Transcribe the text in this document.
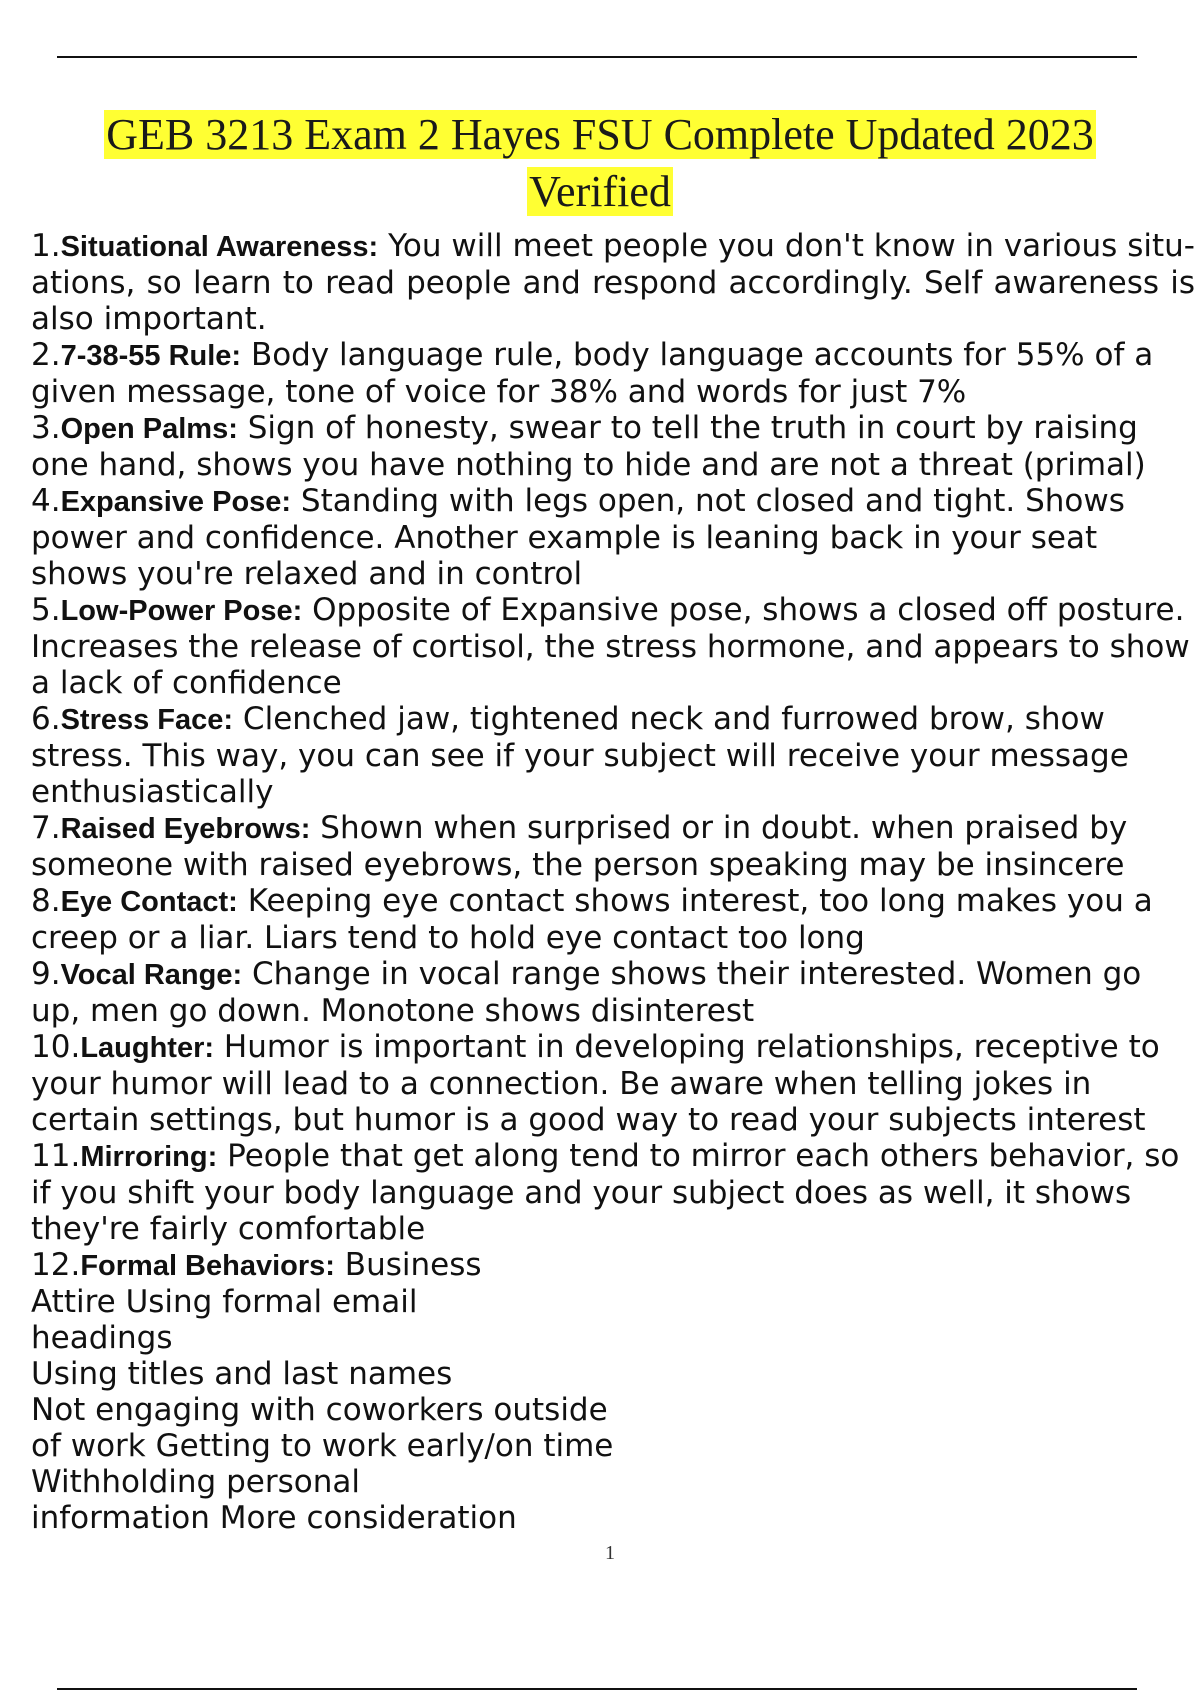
GEB 3213 Exam 2 Hayes FSU Complete Updated 2023
Verified

1.Situational Awareness: You will meet people you don't know in various situ- ations, so learn to read people and respond accordingly. Self awareness is also important.

2.7-38-55 Rule: Body language rule, body language accounts for 55% of a given message, tone of voice for 38% and words for just 7%

3.Open Palms: Sign of honesty, swear to tell the truth in court by raising one hand, shows you have nothing to hide and are not a threat (primal)

4.Expansive Pose: Standing with legs open, not closed and tight. Shows power and confidence. Another example is leaning back in your seat shows you're relaxed and in control

5.Low-Power Pose: Opposite of Expansive pose, shows a closed off posture. Increases the release of cortisol, the stress hormone, and appears to show a lack of confidence

6.Stress Face: Clenched jaw, tightened neck and furrowed brow, show stress. This way, you can see if your subject will receive your message enthusiastically

7.Raised Eyebrows: Shown when surprised or in doubt. when praised by someone with raised eyebrows, the person speaking may be insincere

8.Eye Contact: Keeping eye contact shows interest, too long makes you a creep or a liar. Liars tend to hold eye contact too long

9.Vocal Range: Change in vocal range shows their interested. Women go up, men go down. Monotone shows disinterest

10.Laughter: Humor is important in developing relationships, receptive to your humor will lead to a connection. Be aware when telling jokes in certain settings, but humor is a good way to read your subjects interest

11.Mirroring: People that get along tend to mirror each others behavior, so if you shift your body language and your subject does as well, it shows they're fairly comfortable

12.Formal Behaviors: Business
Attire Using formal email
headings
Using titles and last names
Not engaging with coworkers outside
of work Getting to work early/on time
Withholding personal
information More consideration

1
